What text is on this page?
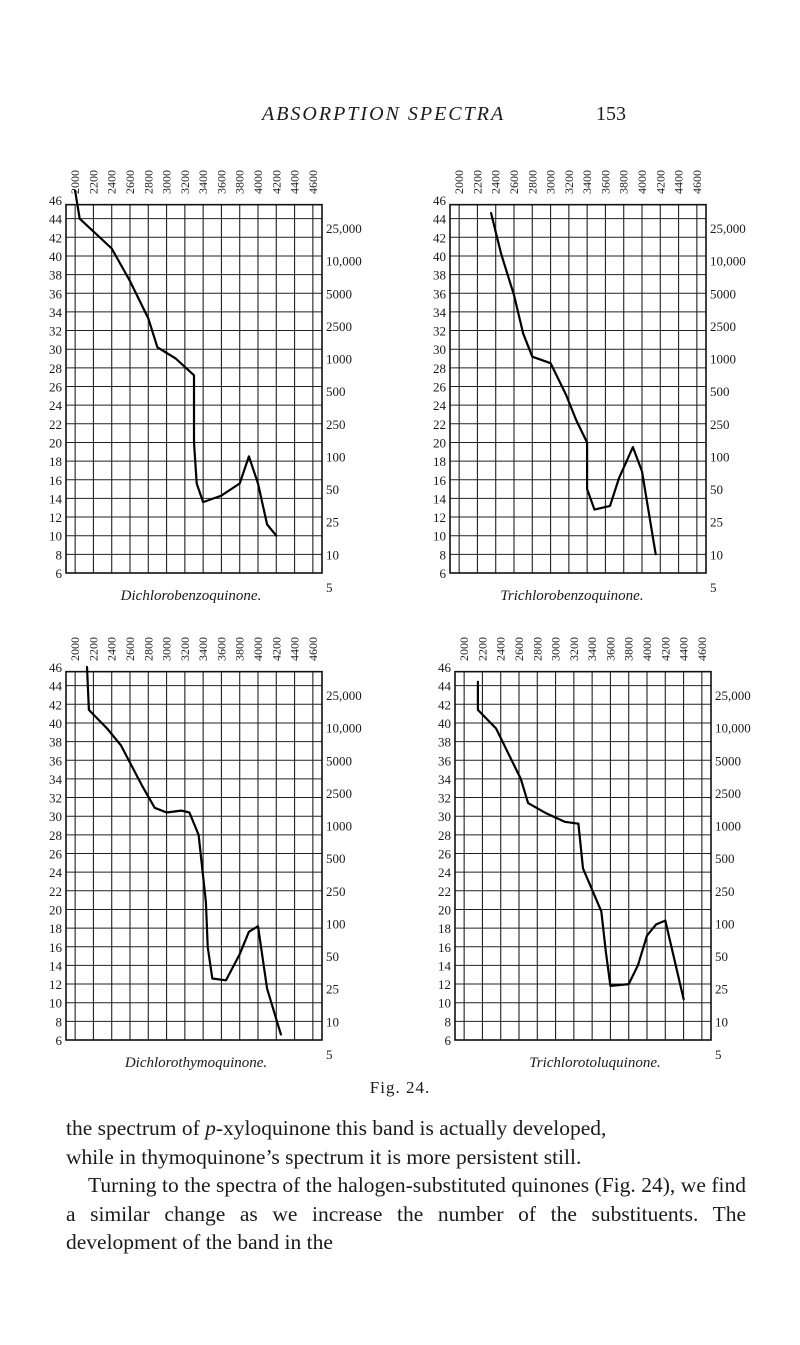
ABSORPTION SPECTRA	153
46
44
42
40
38
36
34
32
30
28
26
24
22
20
18
16
14
12
10
8
6
25,000
10,000
5000
2500
1000
500
250
100
50
25
10
5
2000 2200 2400 2600 2800 3000 3200 3400 3600 3800 4000 4200 4400 4600
46
44
42
40
38
36
34
32
30
28
26
24
22
20
18
16
14
12
10
8
6
25,000
10,000
5000
2500
1000
500
250
100
50
25
10
5
2000 2200 2400 2600 2800 3000 3200 3400 3600 3800 4000 4200 4400 4600
46
44
42
40
38
36
34
32
30
28
26
24
22
20
18
16
14
12
10
8
6
25,000
10,000
5000
2500
1000
500
250
100
50
25
10
5
2000 2200 2400 2600 2800 3000 3200 3400 3600 3800 4000 4200 4400 4600
46
44
42
40
38
36
34
32
30
28
26
24
22
20
18
16
14
12
10
8
6
25,000
10,000
5000
2500
1000
500
250
100
50
25
10
5
2000 2200 2400 2600 2800 3000 3200 3400 3600 3800 4000 4200 4400 4600
Dichlorobenzoquinone.	Trichlorobenzoquinone.
Dichlorothymoquinone.	Trichlorotoluquinone.
Fig. 24.

the spectrum of p-xyloquinone this band is actually developed,

while in thymoquinone’s spectrum it is more persistent still.

Turning to the spectra of the halogen-substituted quinones (Fig. 24), we find a similar change as we increase the number of the substituents. The development of the band in the
